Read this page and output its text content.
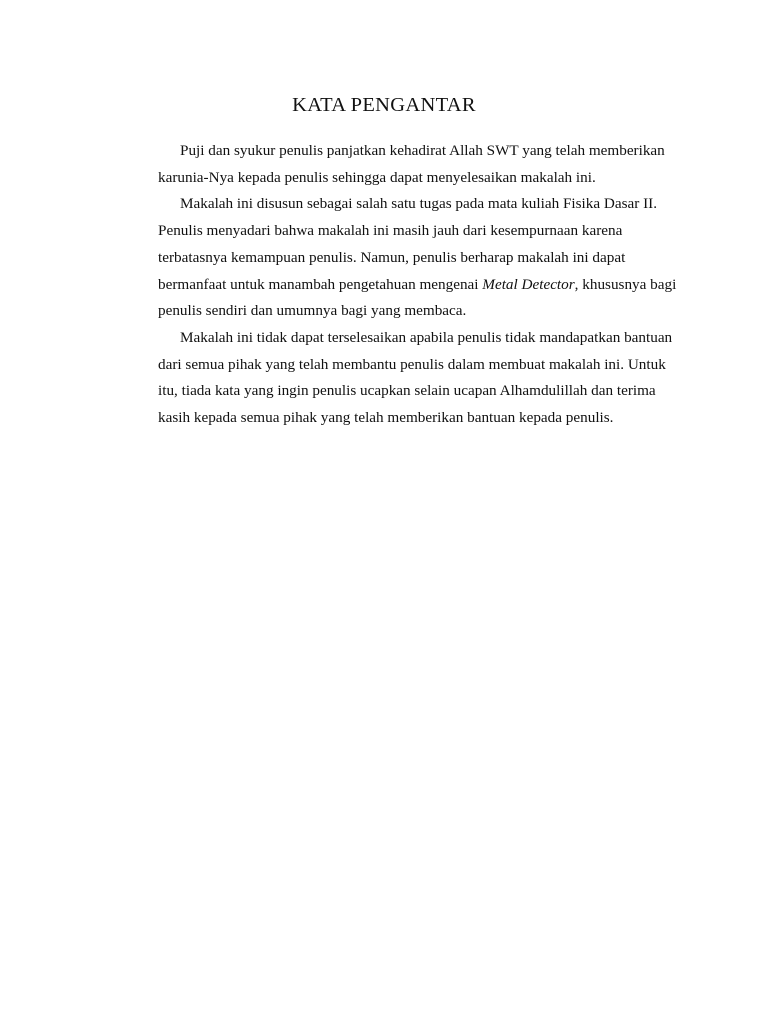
KATA PENGANTAR
Puji dan syukur penulis panjatkan kehadirat Allah SWT yang telah memberikan
karunia-Nya kepada penulis sehingga dapat menyelesaikan makalah ini.
Makalah ini disusun sebagai salah satu tugas pada mata kuliah Fisika Dasar II.
Penulis menyadari bahwa makalah ini masih jauh dari kesempurnaan karena
terbatasnya kemampuan penulis. Namun, penulis berharap makalah ini dapat
bermanfaat untuk manambah pengetahuan mengenai Metal Detector, khususnya bagi
penulis sendiri dan umumnya bagi yang membaca.
Makalah ini tidak dapat terselesaikan apabila penulis tidak mandapatkan bantuan
dari semua pihak yang telah membantu penulis dalam membuat makalah ini. Untuk
itu, tiada kata yang ingin penulis ucapkan selain ucapan Alhamdulillah dan terima
kasih kepada semua pihak yang telah memberikan bantuan kepada penulis.
